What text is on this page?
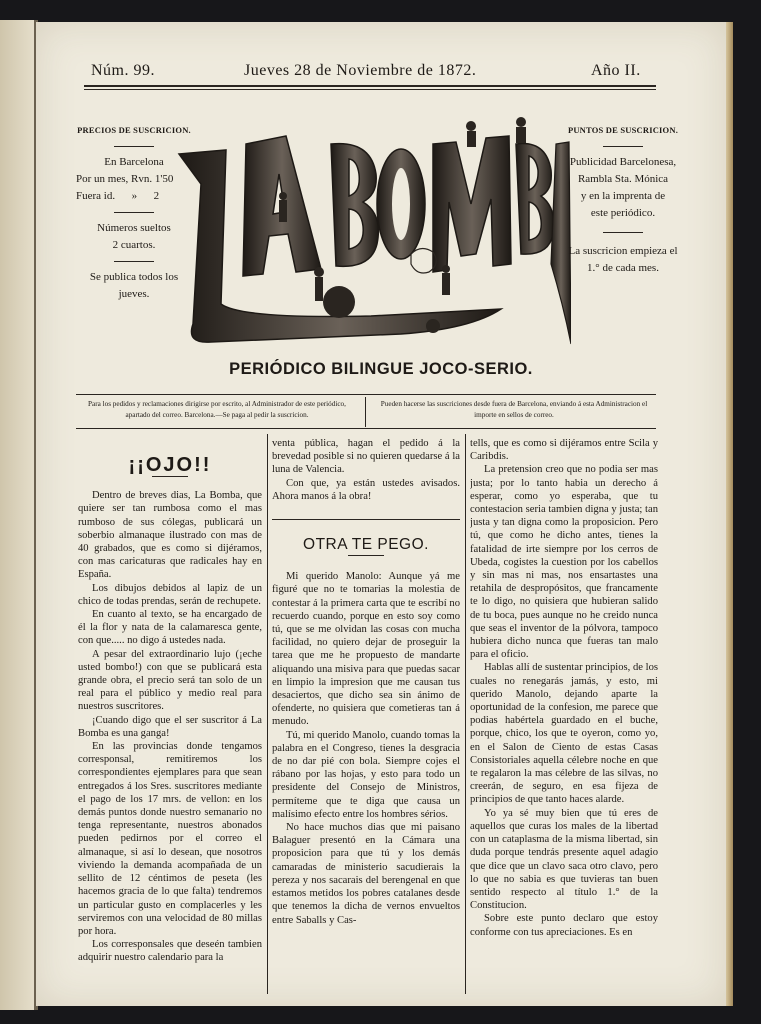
Núm. 99.	Jueves 28 de Noviembre de 1872.	Año II.
PRECIOS DE SUSCRICION.
En Barcelona
Por un mes, Rvn. 1'50
Fuera id.      »      2
Números sueltos
2 cuartos.
Se publica todos los
jueves.
PUNTOS DE SUSCRICION.
Publicidad Barcelonesa,
Rambla Sta. Mónica
y en la imprenta de
este periódico.
La suscricion empieza el
1.° de cada mes.
PERIÓDICO BILINGUE JOCO-SERIO.
Para los pedidos y reclamaciones dirigirse por escrito, al Administrador de este periódico, apartado del correo. Barcelona.—Se paga al pedir la suscricion.
Pueden hacerse las suscriciones desde fuera de Barcelona, enviando á esta Administracion el importe en sellos de correo.
¡¡OJO!!

Dentro de breves dias, La Bomba, que quiere ser tan rumbosa como el mas rumboso de sus cólegas, publicará un soberbio almanaque ilustrado con mas de 40 grabados, que es como si dijéramos, con mas caricaturas que radicales hay en España.

Los dibujos debidos al lapiz de un chico de todas prendas, serán de rechupete.

En cuanto al texto, se ha encargado de él la flor y nata de la calamaresca gente, con que..... no digo á ustedes nada.

A pesar del extraordinario lujo (¡eche usted bombo!) con que se publicará esta grande obra, el precio será tan solo de un real para el público y medio real para nuestros suscritores.

¡Cuando digo que el ser suscritor á La Bomba es una ganga!

En las provincias donde tengamos corresponsal, remitiremos los correspondientes ejemplares para que sean entregados á los Sres. suscritores mediante el pago de los 17 mrs. de vellon: en los demás puntos donde nuestro semanario no tenga representante, nuestros abonados pueden pedirnos por el correo el almanaque, si así lo desean, que nosotros viviendo la demanda acompañada de un sellito de 12 céntimos de peseta (les hacemos gracia de lo que falta) tendremos un particular gusto en complacerles y les serviremos con una velocidad de 80 millas por hora.

Los corresponsales que deseén tambien adquirir nuestro calendario para la

venta pública, hagan el pedido á la brevedad posible si no quieren quedarse á la luna de Valencia.

Con que, ya están ustedes avisados. Ahora manos á la obra!

OTRA TE PEGO.

Mi querido Manolo: Aunque yá me figuré que no te tomarias la molestia de contestar á la primera carta que te escribí no recuerdo cuando, porque en esto soy como tú, que se me olvidan las cosas con mucha facilidad, no quiero dejar de proseguir la tarea que me he propuesto de mandarte aliquando una misiva para que puedas sacar en limpio la impresion que me causan tus desaciertos, que dicho sea sin ánimo de ofenderte, no quisiera que cometieras tan á menudo.

Tú, mi querido Manolo, cuando tomas la palabra en el Congreso, tienes la desgracia de no dar pié con bola. Siempre cojes el rábano por las hojas, y esto para todo un presidente del Consejo de Ministros, permíteme que te diga que causa un malísimo efecto entre los hombres sérios.

No hace muchos dias que mi paisano Balaguer presentó en la Cámara una proposicion para que tú y los demás camaradas de ministerio sacudierais la pereza y nos sacarais del berengenal en que estamos metidos los pobres catalanes desde que tenemos la dicha de vernos envueltos entre Saballs y Cas-

tells, que es como si dijéramos entre Scila y Caribdis.

La pretension creo que no podia ser mas justa; por lo tanto habia un derecho á esperar, como yo esperaba, que tu contestacion seria tambien digna y justa; tan justa y tan digna como la proposicion. Pero tú, que como he dicho antes, tienes la fatalidad de irte siempre por los cerros de Ubeda, cogistes la cuestion por los cabellos y sin mas ni mas, nos ensartastes una retahila de despropósitos, que francamente te lo digo, no quisiera que hubieran salido de tu boca, pues aunque no he creido nunca que seas el inventor de la pólvora, tampoco hubiera dicho nunca que fueras tan malo para el oficio.

Hablas allí de sustentar principios, de los cuales no renegarás jamás, y esto, mi querido Manolo, dejando aparte la oportunidad de la confesion, me parece que podias habértela guardado en el buche, porque, chico, los que te oyeron, como yo, en el Salon de Ciento de estas Casas Consistoriales aquella célebre noche en que te regalaron la mas célebre de las silvas, no creerán, de seguro, en esa fijeza de principios de que tanto haces alarde.

Yo ya sé muy bien que tú eres de aquellos que curas los males de la libertad con un cataplasma de la misma libertad, sin duda porque tendrás presente aquel adagio que dice que un clavo saca otro clavo, pero lo que no sabia es que tuvieras tan buen sentido respecto al título 1.° de la Constitucion.

Sobre este punto declaro que estoy conforme con tus apreciaciones. Es en
